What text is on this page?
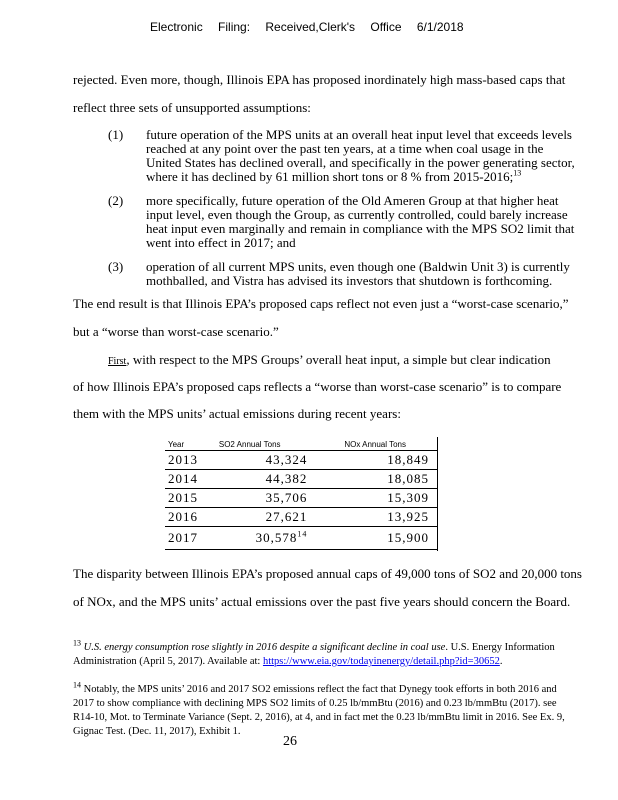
Electronic Filing: Received,Clerk's Office 6/1/2018
rejected. Even more, though, Illinois EPA has proposed inordinately high mass-based caps that
reflect three sets of unsupported assumptions:
(1) future operation of the MPS units at an overall heat input level that exceeds levels
reached at any point over the past ten years, at a time when coal usage in the
United States has declined overall, and specifically in the power generating sector,
where it has declined by 61 million short tons or 8 % from 2015-2016;$^{13}$
(2) more specifically, future operation of the Old Ameren Group at that higher heat
input level, even though the Group, as currently controlled, could barely increase
heat input even marginally and remain in compliance with the MPS SO2 limit that
went into effect in 2017; and
(3) operation of all current MPS units, even though one (Baldwin Unit 3) is currently
mothballed, and Vistra has advised its investors that shutdown is forthcoming.
The end result is that Illinois EPA’s proposed caps reflect not even just a “worst-case scenario,”
but a “worse than worst-case scenario.”
First, with respect to the MPS Groups’ overall heat input, a simple but clear indication
of how Illinois EPA’s proposed caps reflects a “worse than worst-case scenario” is to compare
them with the MPS units’ actual emissions during recent years:
Year	SO2 Annual Tons	NOx Annual Tons
2013	43,324	18,849
2014	44,382	18,085
2015	35,706	15,309
2016	27,621	13,925
2017	30,578$^{14}$	15,900
The disparity between Illinois EPA’s proposed annual caps of 49,000 tons of SO2 and 20,000 tons
of NOx, and the MPS units’ actual emissions over the past five years should concern the Board.
$^{13}$ U.S. energy consumption rose slightly in 2016 despite a significant decline in coal use. U.S. Energy Information
Administration (April 5, 2017). Available at: https://www.eia.gov/todayinenergy/detail.php?id=30652.
$^{14}$ Notably, the MPS units’ 2016 and 2017 SO2 emissions reflect the fact that Dynegy took efforts in both 2016 and
2017 to show compliance with declining MPS SO2 limits of 0.25 lb/mmBtu (2016) and 0.23 lb/mmBtu (2017). see
R14-10, Mot. to Terminate Variance (Sept. 2, 2016), at 4, and in fact met the 0.23 lb/mmBtu limit in 2016. See Ex. 9,
Gignac Test. (Dec. 11, 2017), Exhibit 1.
26
